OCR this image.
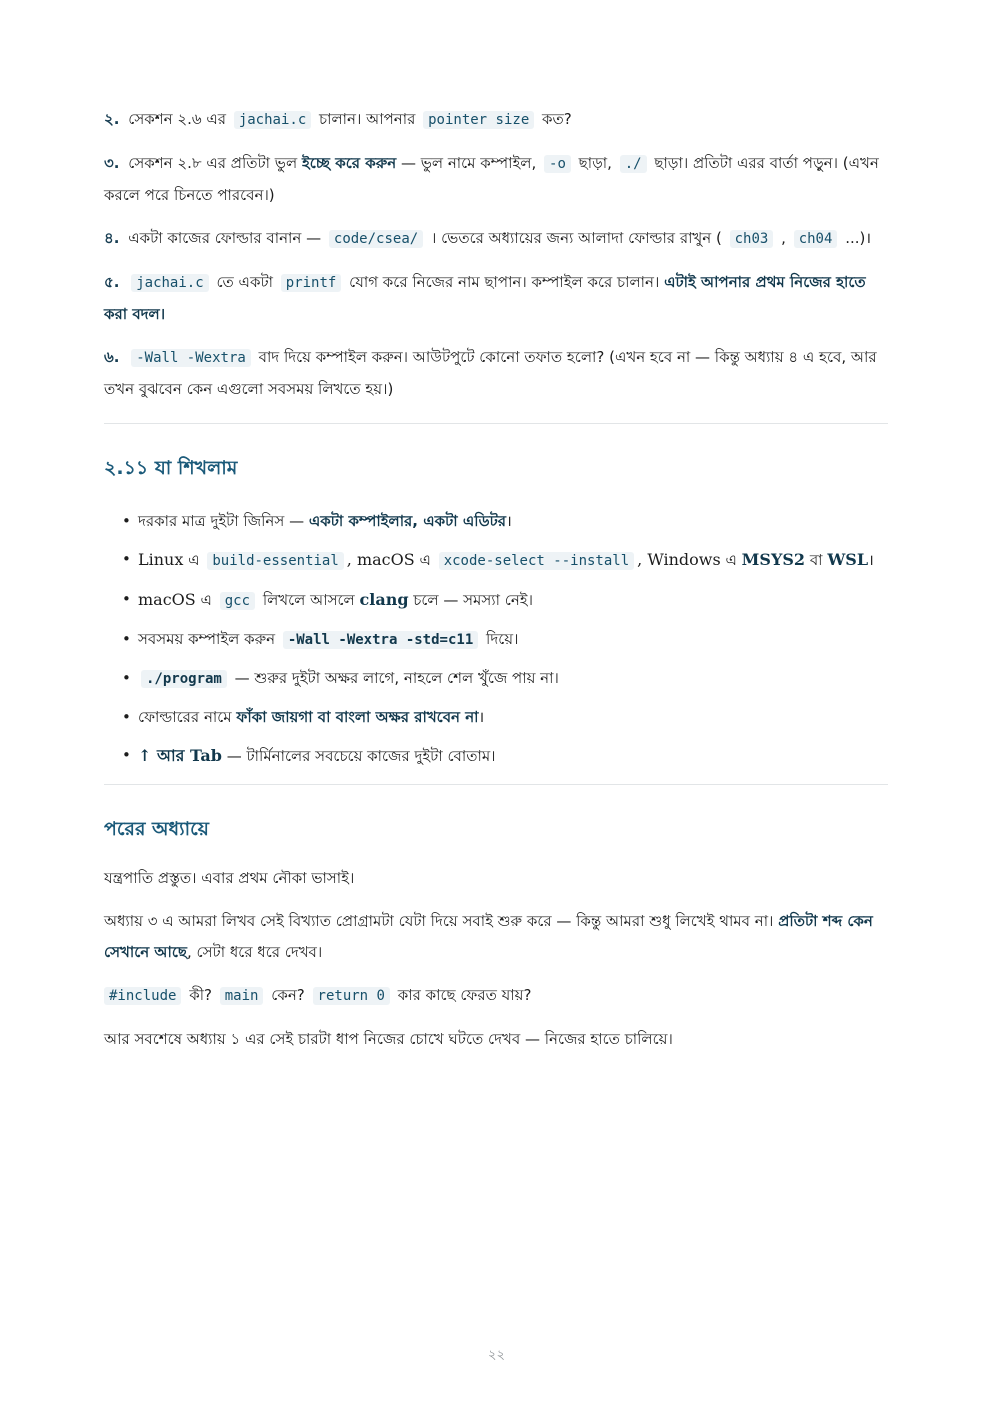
২. সেকশন ২.৬ এর jachai.c চালান। আপনার pointer size কত?

৩. সেকশন ২.৮ এর প্রতিটা ভুল ইচ্ছে করে করুন — ভুল নামে কম্পাইল, -o ছাড়া, ./ ছাড়া। প্রতিটা এরর বার্তা পড়ুন। (এখন করলে পরে চিনতে পারবেন।)

৪. একটা কাজের ফোল্ডার বানান — code/csea/ । ভেতরে অধ্যায়ের জন্য আলাদা ফোল্ডার রাখুন ( ch03 , ch04 ...)।

৫. jachai.c তে একটা printf যোগ করে নিজের নাম ছাপান। কম্পাইল করে চালান। এটাই আপনার প্রথম নিজের হাতে করা বদল।

৬. -Wall -Wextra বাদ দিয়ে কম্পাইল করুন। আউটপুটে কোনো তফাত হলো? (এখন হবে না — কিন্তু অধ্যায় ৪ এ হবে, আর তখন বুঝবেন কেন এগুলো সবসময় লিখতে হয়।)

২.১১ যা শিখলাম
• দরকার মাত্র দুইটা জিনিস — একটা কম্পাইলার, একটা এডিটর।
• Linux এ build-essential , macOS এ xcode-select --install , Windows এ MSYS2 বা WSL।
• macOS এ gcc লিখলে আসলে clang চলে — সমস্যা নেই।
• সবসময় কম্পাইল করুন -Wall -Wextra -std=c11 দিয়ে।
• ./program — শুরুর দুইটা অক্ষর লাগে, নাহলে শেল খুঁজে পায় না।
• ফোল্ডারের নামে ফাঁকা জায়গা বা বাংলা অক্ষর রাখবেন না।
• ↑ আর Tab — টার্মিনালের সবচেয়ে কাজের দুইটা বোতাম।
পরের অধ্যায়ে

যন্ত্রপাতি প্রস্তুত। এবার প্রথম নৌকা ভাসাই।

অধ্যায় ৩ এ আমরা লিখব সেই বিখ্যাত প্রোগ্রামটা যেটা দিয়ে সবাই শুরু করে — কিন্তু আমরা শুধু লিখেই থামব না। প্রতিটা শব্দ কেন সেখানে আছে, সেটা ধরে ধরে দেখব।

#include কী? main কেন? return 0 কার কাছে ফেরত যায়?

আর সবশেষে অধ্যায় ১ এর সেই চারটা ধাপ নিজের চোখে ঘটতে দেখব — নিজের হাতে চালিয়ে।

২২
